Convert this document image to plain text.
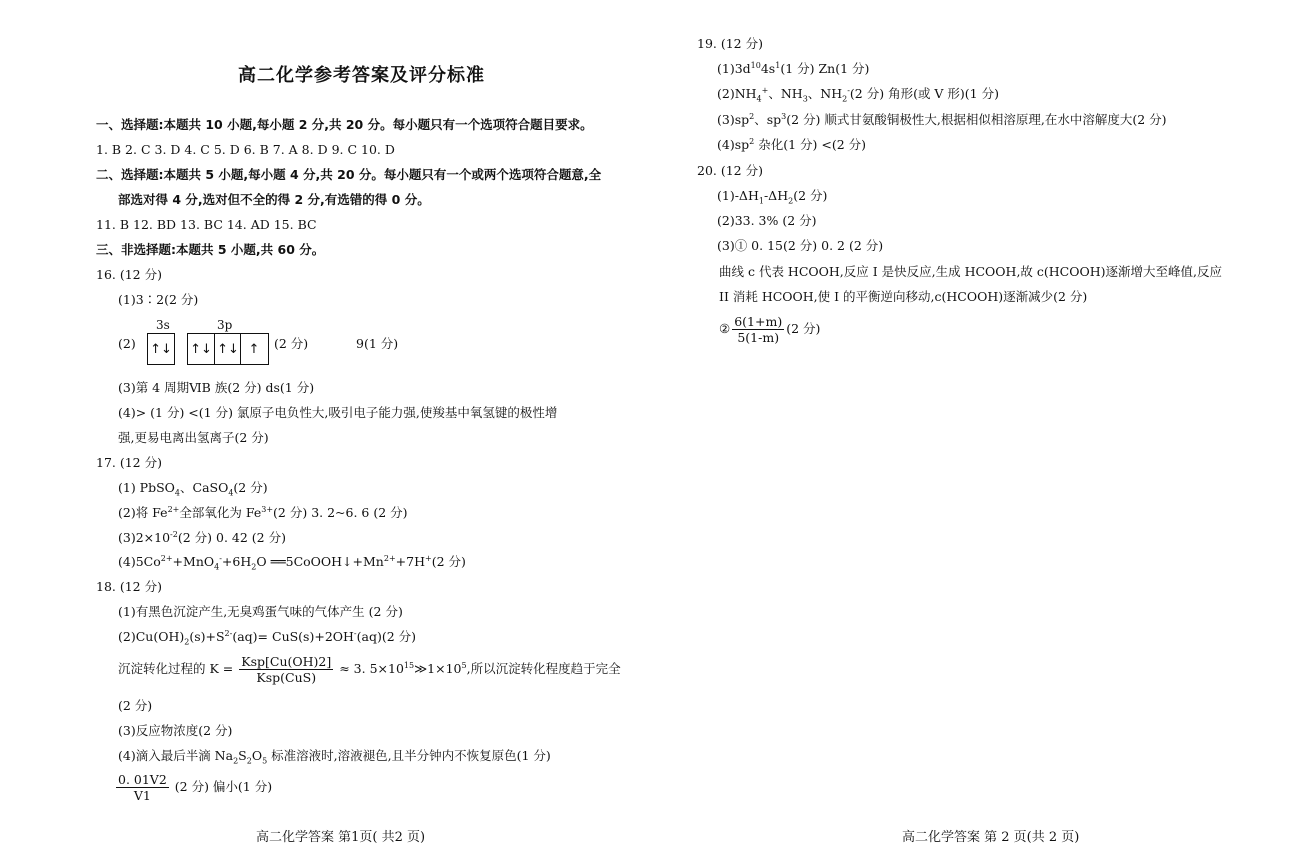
高二化学参考答案及评分标准
一、选择题:本题共 10 小题,每小题 2 分,共 20 分。每小题只有一个选项符合题目要求。
1. B 2. C 3. D 4. C 5. D 6. B 7. A 8. D 9. C 10. D
二、选择题:本题共 5 小题,每小题 4 分,共 20 分。每小题只有一个或两个选项符合题意,全
部选对得 4 分,选对但不全的得 2 分,有选错的得 0 分。
11. B 12. BD 13. BC 14. AD 15. BC
三、非选择题:本题共 5 小题,共 60 分。
16. (12 分)
(1)3∶2(2 分)
3s	3p
(2) ↑↓ ↑↓ ↑↓ ↑	(2 分)	9(1 分)
(3)第 4 周期ⅥB 族(2 分) ds(1 分)
(4)> (1 分) <(1 分) 氯原子电负性大,吸引电子能力强,使羧基中氧氢键的极性增
强,更易电离出氢离子(2 分)
17. (12 分)
(1) PbSO$_4$、CaSO$_4$(2 分)
(2)将 $Fe^{2+}$全部氧化为 $Fe^{3+}(2$ 分) 3. 2~6. 6 (2 分)
$(3)2\times 10^{-2}(2$ 分) 0. 42 (2 分)
$(4)5Co^{2+}+MnO_4^-+6H_2O$ $══5CoOOH↓+Mn^{2+}+7H^+(2$ 分)
18. (12 分)
(1)有黑色沉淀产生,无臭鸡蛋气味的气体产生 (2 分)
$(2)Cu(OH)_2(s)+S^{2-}(aq)= CuS(s)+2OH^-(aq)(2$ 分)
沉淀转化过程的 $K = \frac{\text{Ksp[Cu(OH)2]}}{\text{Ksp(CuS)}} \approx 3$. $5\times 10^{15}≫1\times 10^5$,所以沉淀转化程度趋于完全
(2 分)
(3)反应物浓度(2 分)
(4)滴入最后半滴 $Na_2S_2O_5$ 标准溶液时,溶液褪色,且半分钟内不恢复原色(1 分)
$\frac{0. 01V2}{V1} (2$ 分) 偏小(1 分)
高二化学答案 第1页( 共2 页)
19. (12 分)
$(1)3d^{10}4s^1(1$ 分) Zn(1 分)
$(2)NH_4^+$、$NH_3$、$NH_2^-(2$ 分) 角形(或 V 形)(1 分)
$(3)sp^2$、$sp^3(2$ 分) 顺式甘氨酸铜极性大,根据相似相溶原理,在水中溶解度大(2 分)
$(4)sp^2$ 杂化(1 分) <(2 分)
20. (12 分)
$(1)-\Delta H_1-\Delta H_2(2$ 分)
(2)33. 3% (2 分)
(3)① 0. 15(2 分) 0. 2 (2 分)
曲线 c 代表 HCOOH,反应 I 是快反应,生成 HCOOH,故 c(HCOOH)逐渐增大至峰值,反应
II 消耗 HCOOH,使 I 的平衡逆向移动,c(HCOOH)逐渐减少(2 分)
② $\frac{6(1+m)}{5(1-m)} (2$ 分)
高二化学答案 第 2 页(共 2 页)
